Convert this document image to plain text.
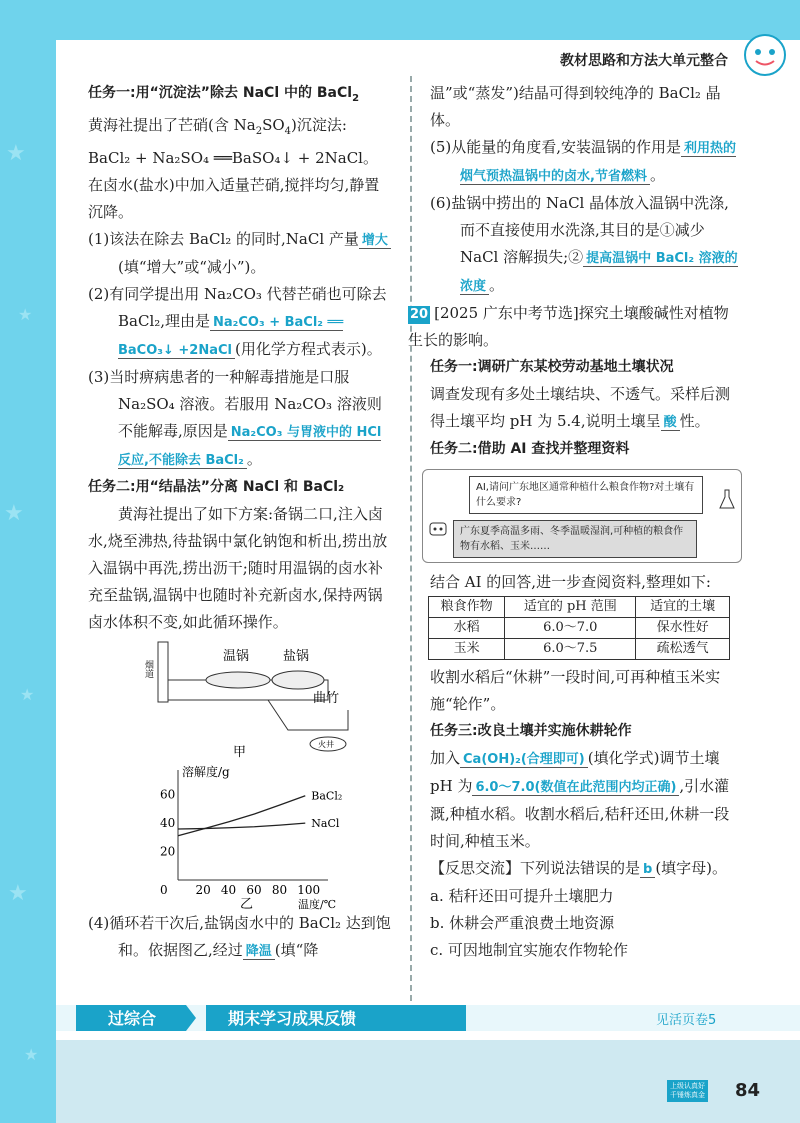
★
★
★
★
★
★
教材思路和方法大单元整合

任务一:用“沉淀法”除去 NaCl 中的 BaCl$_2$

黄海社提出了芒硝(含 $Na_2SO_4$)沉淀法:

BaCl₂ + Na₂SO₄ ══BaSO₄↓ + 2NaCl。

在卤水(盐水)中加入适量芒硝,搅拌均匀,静置沉降。

(1)该法在除去 BaCl₂ 的同时,NaCl 产量 增大(填“增大”或“减小”)。

(2)有同学提出用 Na₂CO₃ 代替芒硝也可除去 BaCl₂,理由是 Na₂CO₃ + BaCl₂ ══ BaCO₃↓ +2NaCl (用化学方程式表示)。

(3)当时痹病患者的一种解毒措施是口服 Na₂SO₄ 溶液。若服用 Na₂CO₃ 溶液则不能解毒,原因是 Na₂CO₃ 与胃液中的 HCl 反应,不能除去 BaCl₂ 。

任务二:用“结晶法”分离 NaCl 和 BaCl₂

黄海社提出了如下方案:备锅二口,注入卤水,烧至沸热,待盐锅中氯化钠饱和析出,捞出放入温锅中再洗,捞出沥干;随时用温锅的卤水补充至盐锅,温锅中也随时补充新卤水,保持两锅卤水体积不变,如此循环操作。

烟道
温锅	盐锅
曲竹
火井
甲
溶解度/g
温度/℃
0 20 40 60 80 100
20
40
60	BaCl₂
NaCl
乙

(4)循环若干次后,盐锅卤水中的 BaCl₂ 达到饱和。依据图乙,经过 降温 (填“降

温”或“蒸发”)结晶可得到较纯净的 BaCl₂ 晶体。

(5)从能量的角度看,安装温锅的作用是 利用热的烟气预热温锅中的卤水,节省燃料 。

(6)盐锅中捞出的 NaCl 晶体放入温锅中洗涤,而不直接使用水洗涤,其目的是①减少 NaCl 溶解损失;② 提高温锅中 BaCl₂ 溶液的浓度 。

20 [2025 广东中考节选]探究土壤酸碱性对植物生长的影响。

任务一:调研广东某校劳动基地土壤状况

调查发现有多处土壤结块、不透气。采样后测得土壤平均 pH 为 5.4,说明土壤呈 酸 性。

任务二:借助 AI 查找并整理资料

AI,请问广东地区通常种植什么粮食作物?对土壤有什么要求?
广东夏季高温多雨、冬季温暖湿润,可种植的粮食作物有水稻、玉米……

结合 AI 的回答,进一步查阅资料,整理如下:

粮食作物	适宜的 pH 范围	适宜的土壤
水稻	6.0～7.0	保水性好
玉米	6.0～7.5	疏松透气

收割水稻后“休耕”一段时间,可再种植玉米实施“轮作”。

任务三:改良土壤并实施休耕轮作

加入 Ca(OH)₂(合理即可) (填化学式)调节土壤 pH 为 6.0～7.0(数值在此范围内均正确) ,引水灌溉,种植水稻。收割水稻后,秸秆还田,休耕一段时间,种植玉米。

【反思交流】下列说法错误的是 b (填字母)。

a. 秸秆还田可提升土壤肥力

b. 休耕会严重浪费土地资源

c. 可因地制宜实施农作物轮作

过综合	期末学习成果反馈	见活页卷5
上级认真好
千锤炼真金 84
